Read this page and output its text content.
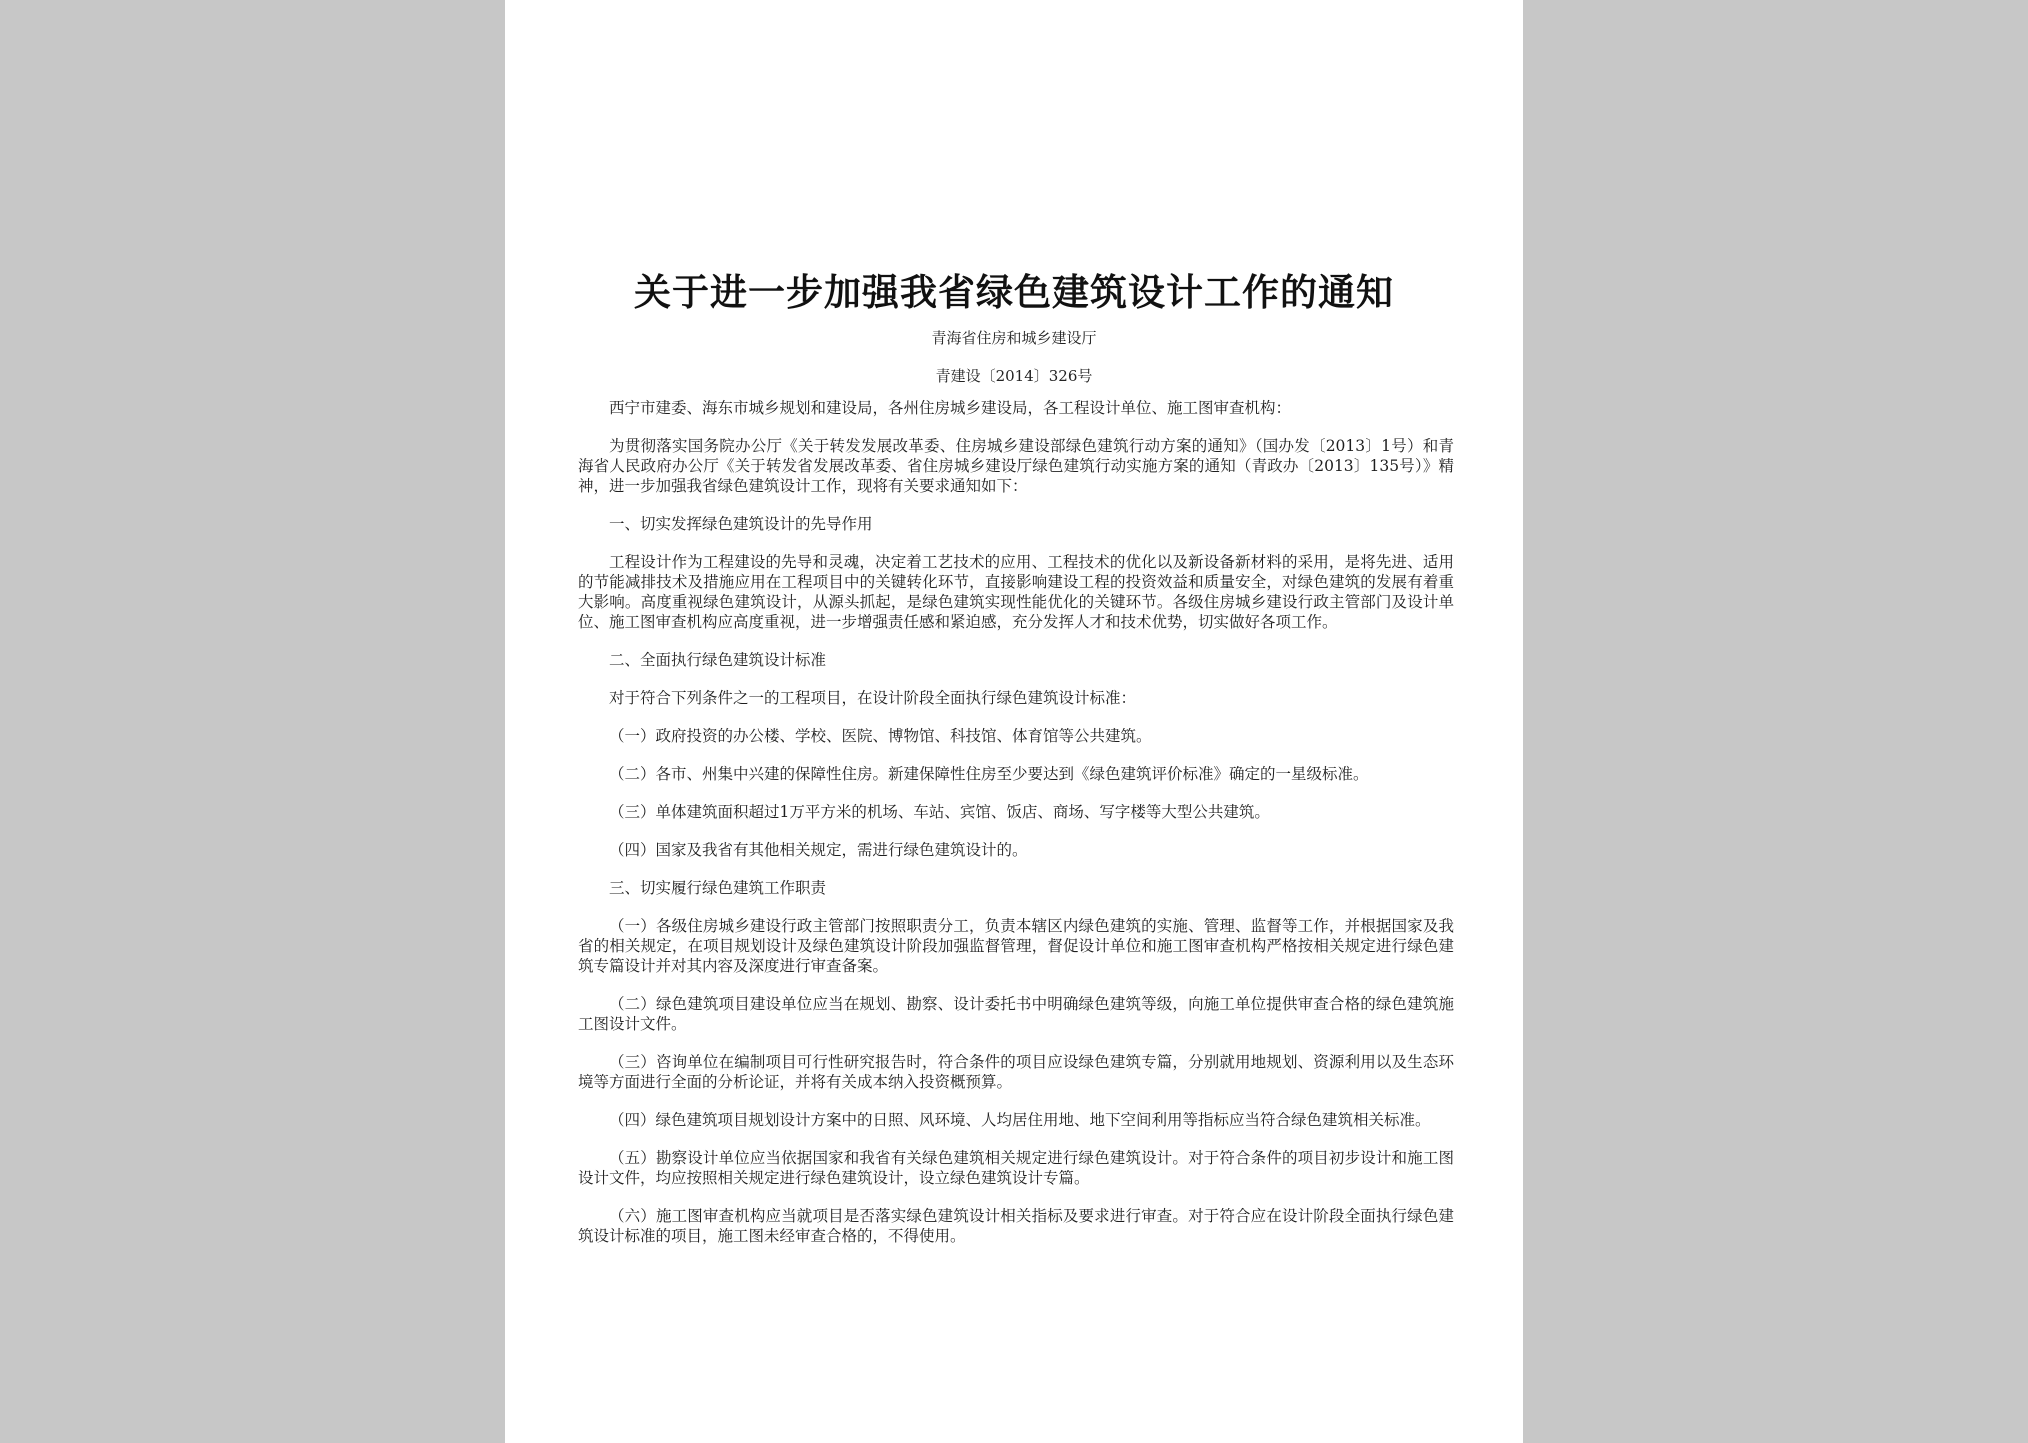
关于进一步加强我省绿色建筑设计工作的通知
青海省住房和城乡建设厅
青建设〔2014〕326号

西宁市建委、海东市城乡规划和建设局，各州住房城乡建设局，各工程设计单位、施工图审查机构：

为贯彻落实国务院办公厅《关于转发发展改革委、住房城乡建设部绿色建筑行动方案的通知》（国办发〔2013〕1号）和青海省人民政府办公厅《关于转发省发展改革委、省住房城乡建设厅绿色建筑行动实施方案的通知（青政办〔2013〕135号）》精神，进一步加强我省绿色建筑设计工作，现将有关要求通知如下：

一、切实发挥绿色建筑设计的先导作用

工程设计作为工程建设的先导和灵魂，决定着工艺技术的应用、工程技术的优化以及新设备新材料的采用，是将先进、适用的节能减排技术及措施应用在工程项目中的关键转化环节，直接影响建设工程的投资效益和质量安全，对绿色建筑的发展有着重大影响。高度重视绿色建筑设计，从源头抓起，是绿色建筑实现性能优化的关键环节。各级住房城乡建设行政主管部门及设计单位、施工图审查机构应高度重视，进一步增强责任感和紧迫感，充分发挥人才和技术优势，切实做好各项工作。

二、全面执行绿色建筑设计标准

对于符合下列条件之一的工程项目，在设计阶段全面执行绿色建筑设计标准：

（一）政府投资的办公楼、学校、医院、博物馆、科技馆、体育馆等公共建筑。

（二）各市、州集中兴建的保障性住房。新建保障性住房至少要达到《绿色建筑评价标准》确定的一星级标准。

（三）单体建筑面积超过1万平方米的机场、车站、宾馆、饭店、商场、写字楼等大型公共建筑。

（四）国家及我省有其他相关规定，需进行绿色建筑设计的。

三、切实履行绿色建筑工作职责

（一）各级住房城乡建设行政主管部门按照职责分工，负责本辖区内绿色建筑的实施、管理、监督等工作，并根据国家及我省的相关规定，在项目规划设计及绿色建筑设计阶段加强监督管理，督促设计单位和施工图审查机构严格按相关规定进行绿色建筑专篇设计并对其内容及深度进行审查备案。

（二）绿色建筑项目建设单位应当在规划、勘察、设计委托书中明确绿色建筑等级，向施工单位提供审查合格的绿色建筑施工图设计文件。

（三）咨询单位在编制项目可行性研究报告时，符合条件的项目应设绿色建筑专篇，分别就用地规划、资源利用以及生态环境等方面进行全面的分析论证，并将有关成本纳入投资概预算。

（四）绿色建筑项目规划设计方案中的日照、风环境、人均居住用地、地下空间利用等指标应当符合绿色建筑相关标准。

（五）勘察设计单位应当依据国家和我省有关绿色建筑相关规定进行绿色建筑设计。对于符合条件的项目初步设计和施工图设计文件，均应按照相关规定进行绿色建筑设计，设立绿色建筑设计专篇。

（六）施工图审查机构应当就项目是否落实绿色建筑设计相关指标及要求进行审查。对于符合应在设计阶段全面执行绿色建筑设计标准的项目，施工图未经审查合格的，不得使用。
